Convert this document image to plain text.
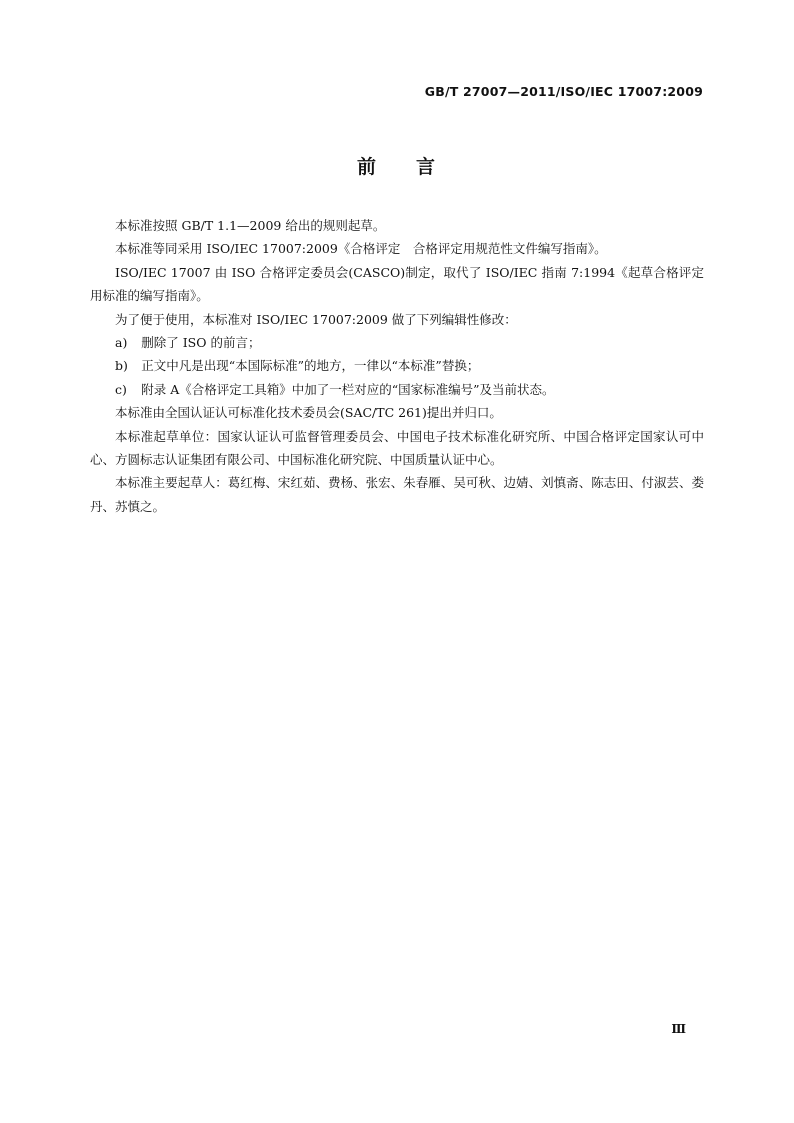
GB/T 27007—2011/ISO/IEC 17007:2009
前 言

本标准按照 GB/T 1.1—2009 给出的规则起草。

本标准等同采用 ISO/IEC 17007:2009《合格评定　合格评定用规范性文件编写指南》。

ISO/IEC 17007 由 ISO 合格评定委员会(CASCO)制定，取代了 ISO/IEC 指南 7:1994《起草合格评定用标准的编写指南》。

为了便于使用，本标准对 ISO/IEC 17007:2009 做了下列编辑性修改：

a) 删除了 ISO 的前言；

b) 正文中凡是出现“本国际标准”的地方，一律以“本标准”替换；

c) 附录 A《合格评定工具箱》中加了一栏对应的“国家标准编号”及当前状态。

本标准由全国认证认可标准化技术委员会(SAC/TC 261)提出并归口。

本标准起草单位：国家认证认可监督管理委员会、中国电子技术标准化研究所、中国合格评定国家认可中心、方圆标志认证集团有限公司、中国标准化研究院、中国质量认证中心。

本标准主要起草人：葛红梅、宋红茹、费杨、张宏、朱春雁、吴可秋、边婧、刘慎斋、陈志田、付淑芸、娄丹、苏慎之。

Ⅲ
